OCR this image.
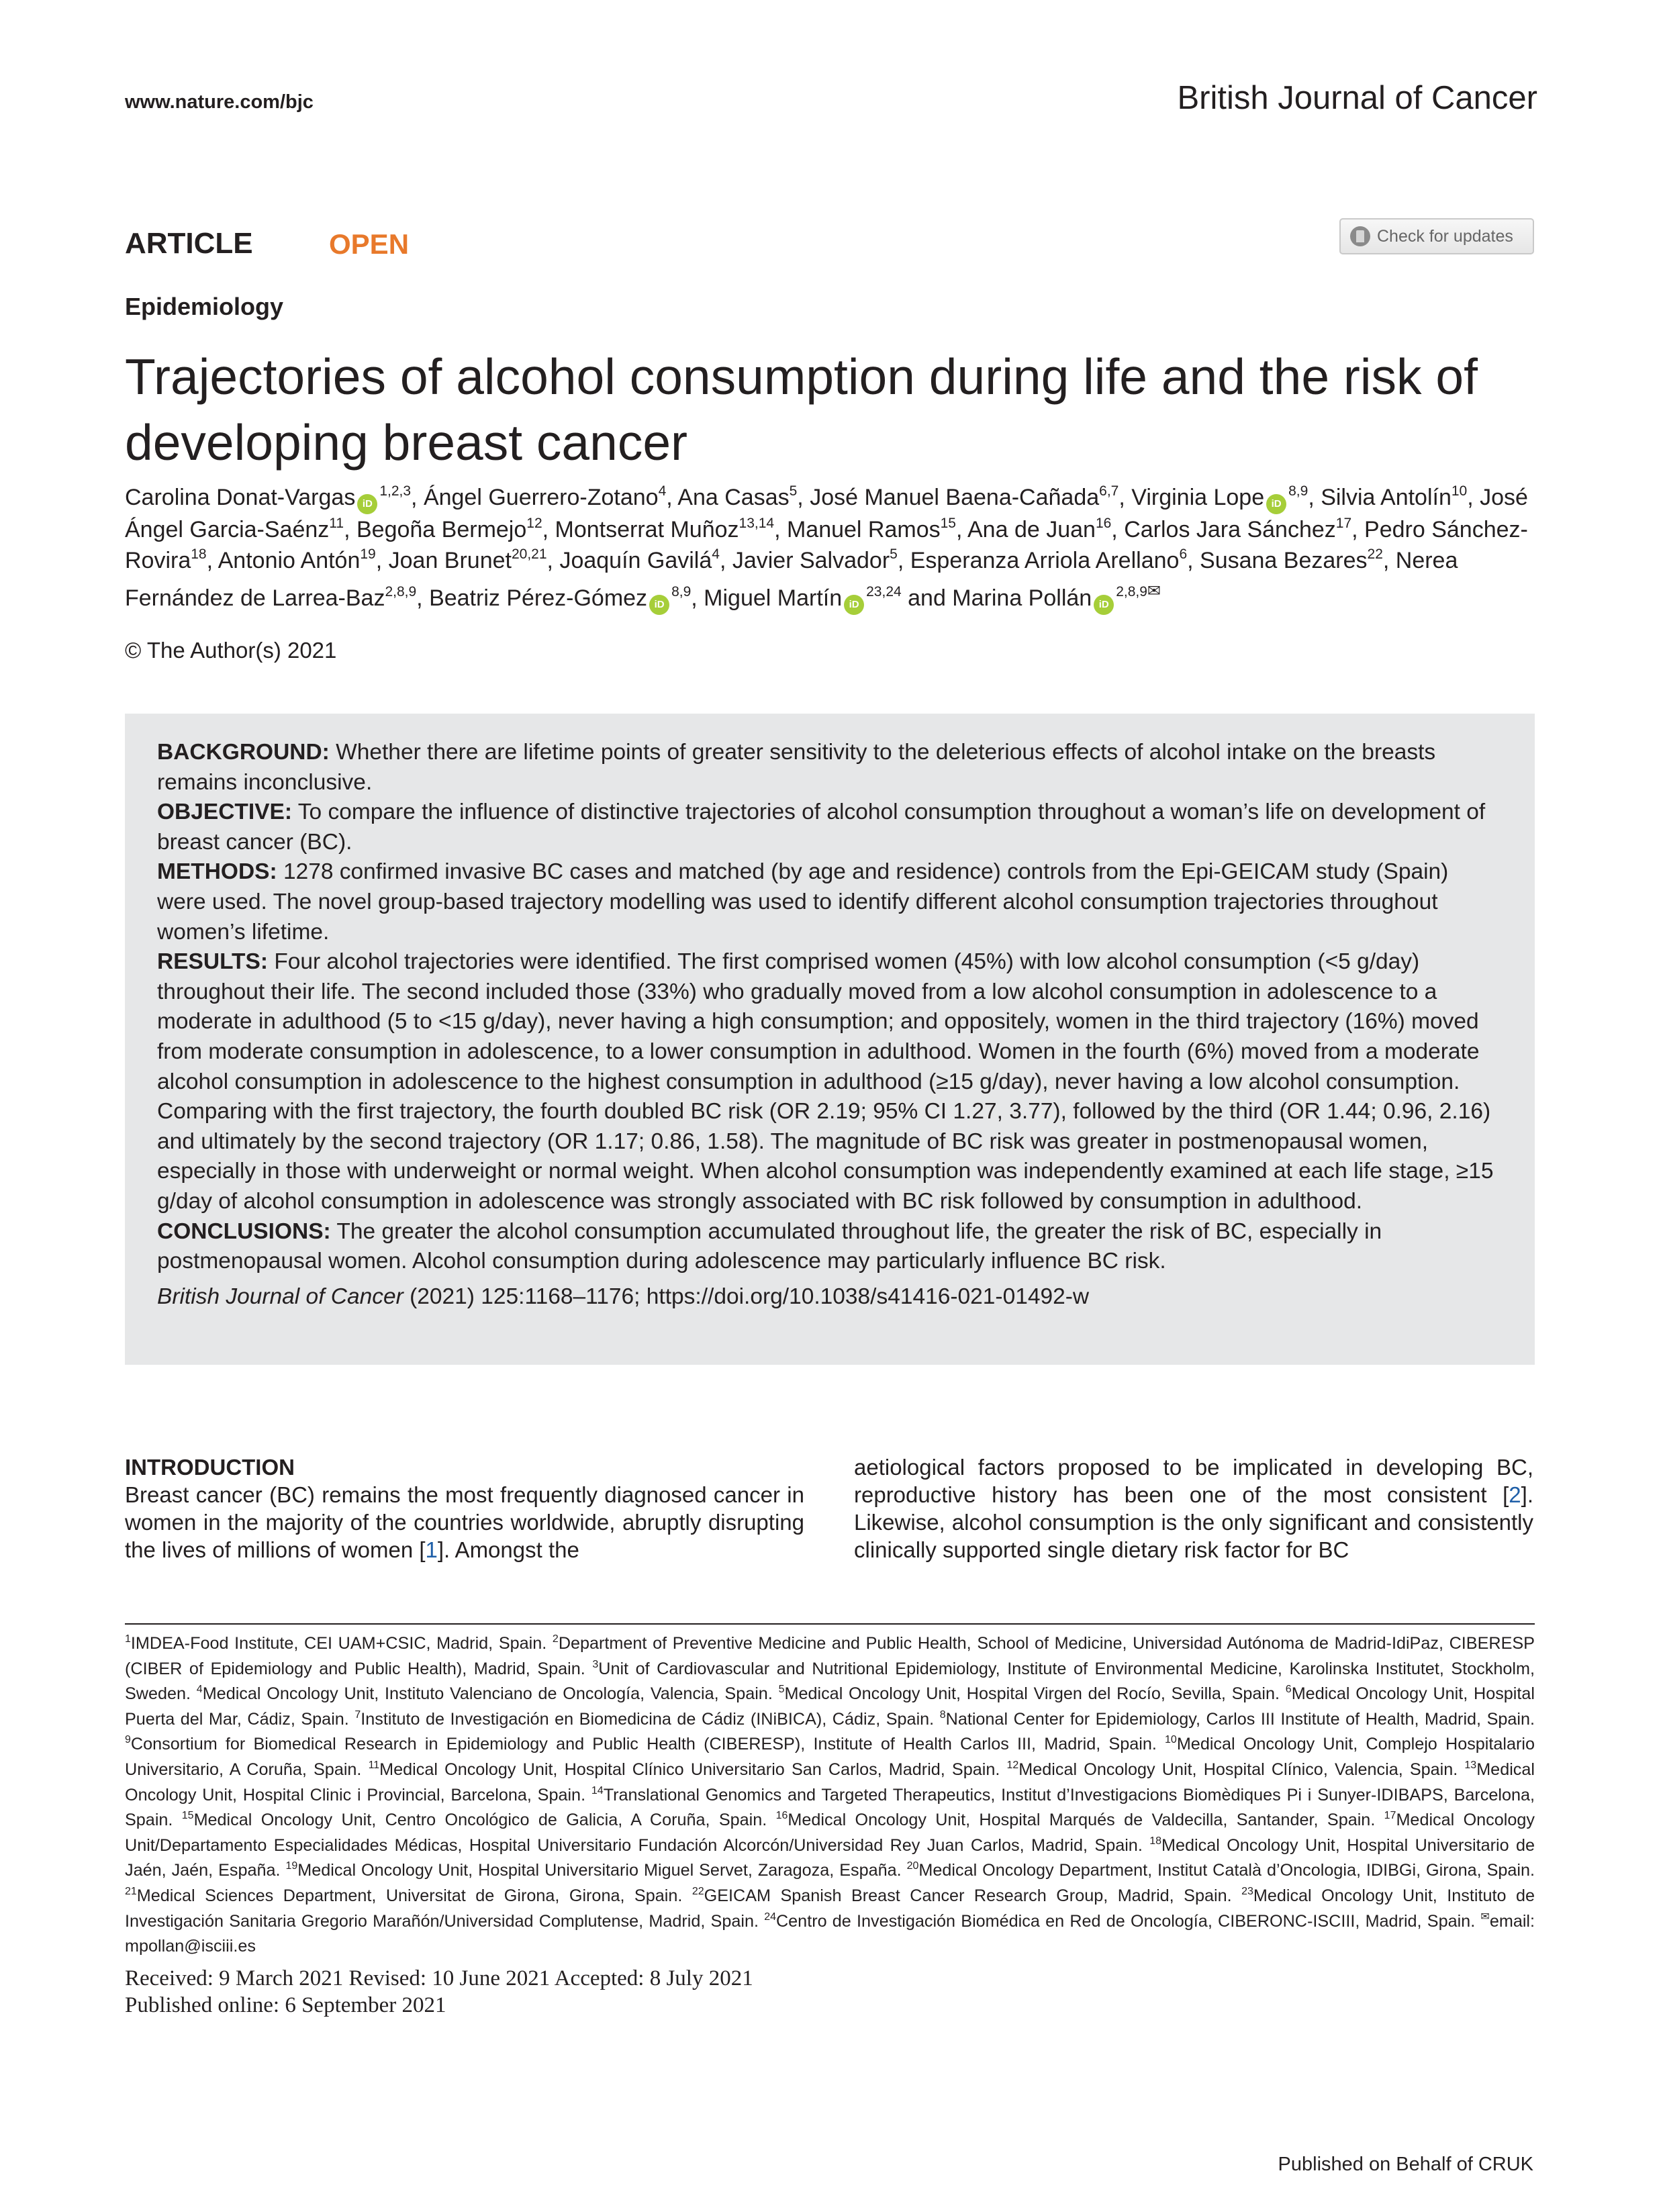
www.nature.com/bjc	British Journal of Cancer
ARTICLE	OPEN	Check for updates
Epidemiology
Trajectories of alcohol consumption during life and the risk of developing breast cancer
Carolina Donat-Vargas iD$^{1,2,3}$, Ángel Guerrero-Zotano$^4$, Ana Casas$^5$, José Manuel Baena-Cañada$^{6,7}$, Virginia Lope iD$^{8,9}$, Silvia Antolín$^{10}$, José Ángel Garcia-Saénz$^{11}$, Begoña Bermejo$^{12}$, Montserrat Muñoz$^{13,14}$, Manuel Ramos$^{15}$, Ana de Juan$^{16}$, Carlos Jara Sánchez$^{17}$, Pedro Sánchez-Rovira$^{18}$, Antonio Antón$^{19}$, Joan Brunet$^{20,21}$, Joaquín Gavilá$^4$, Javier Salvador$^5$, Esperanza Arriola Arellano$^6$, Susana Bezares$^{22}$, Nerea Fernández de Larrea-Baz$^{2,8,9}$, Beatriz Pérez-Gómez iD$^{8,9}$, Miguel Martín iD$^{23,24}$ and Marina Pollán $iD^{2,8,9✉}$
© The Author(s) 2021

BACKGROUND: Whether there are lifetime points of greater sensitivity to the deleterious effects of alcohol intake on the breasts remains inconclusive.

OBJECTIVE: To compare the influence of distinctive trajectories of alcohol consumption throughout a woman’s life on development of breast cancer (BC).

METHODS: 1278 confirmed invasive BC cases and matched (by age and residence) controls from the Epi-GEICAM study (Spain) were used. The novel group-based trajectory modelling was used to identify different alcohol consumption trajectories throughout women’s lifetime.

RESULTS: Four alcohol trajectories were identified. The first comprised women (45%) with low alcohol consumption (<5 g/day) throughout their life. The second included those (33%) who gradually moved from a low alcohol consumption in adolescence to a moderate in adulthood (5 to <15 g/day), never having a high consumption; and oppositely, women in the third trajectory (16%) moved from moderate consumption in adolescence, to a lower consumption in adulthood. Women in the fourth (6%) moved from a moderate alcohol consumption in adolescence to the highest consumption in adulthood (≥15 g/day), never having a low alcohol consumption. Comparing with the first trajectory, the fourth doubled BC risk (OR 2.19; 95% CI 1.27, 3.77), followed by the third (OR 1.44; 0.96, 2.16) and ultimately by the second trajectory (OR 1.17; 0.86, 1.58). The magnitude of BC risk was greater in postmenopausal women, especially in those with underweight or normal weight. When alcohol consumption was independently examined at each life stage, ≥15 g/day of alcohol consumption in adolescence was strongly associated with BC risk followed by consumption in adulthood.

CONCLUSIONS: The greater the alcohol consumption accumulated throughout life, the greater the risk of BC, especially in postmenopausal women. Alcohol consumption during adolescence may particularly influence BC risk.

British Journal of Cancer (2021) 125:1168–1176; https://doi.org/10.1038/s41416-021-01492-w

INTRODUCTION
Breast cancer (BC) remains the most frequently diagnosed cancer in women in the majority of the countries worldwide, abruptly disrupting the lives of millions of women [1]. Amongst the
aetiological factors proposed to be implicated in developing BC, reproductive history has been one of the most consistent [2]. Likewise, alcohol consumption is the only significant and consistently clinically supported single dietary risk factor for BC
$^1$IMDEA-Food Institute, CEI UAM+CSIC, Madrid, Spain. $^2$Department of Preventive Medicine and Public Health, School of Medicine, Universidad Autónoma de Madrid-IdiPaz, CIBERESP (CIBER of Epidemiology and Public Health), Madrid, Spain. $^3$Unit of Cardiovascular and Nutritional Epidemiology, Institute of Environmental Medicine, Karolinska Institutet, Stockholm, Sweden. $^4$Medical Oncology Unit, Instituto Valenciano de Oncología, Valencia, Spain. $^5$Medical Oncology Unit, Hospital Virgen del Rocío, Sevilla, Spain. $^6$Medical Oncology Unit, Hospital Puerta del Mar, Cádiz, Spain. $^7$Instituto de Investigación en Biomedicina de Cádiz (INiBICA), Cádiz, Spain. $^8$National Center for Epidemiology, Carlos III Institute of Health, Madrid, Spain. $^9$Consortium for Biomedical Research in Epidemiology and Public Health (CIBERESP), Institute of Health Carlos III, Madrid, Spain. $^{10}$Medical Oncology Unit, Complejo Hospitalario Universitario, A Coruña, Spain. $^{11}$Medical Oncology Unit, Hospital Clínico Universitario San Carlos, Madrid, Spain. $^{12}$Medical Oncology Unit, Hospital Clínico, Valencia, Spain. $^{13}$Medical Oncology Unit, Hospital Clinic i Provincial, Barcelona, Spain. $^{14}$Translational Genomics and Targeted Therapeutics, Institut d’Investigacions Biomèdiques Pi i Sunyer-IDIBAPS, Barcelona, Spain. $^{15}$Medical Oncology Unit, Centro Oncológico de Galicia, A Coruña, Spain. $^{16}$Medical Oncology Unit, Hospital Marqués de Valdecilla, Santander, Spain. $^{17}$Medical Oncology Unit/Departamento Especialidades Médicas, Hospital Universitario Fundación Alcorcón/Universidad Rey Juan Carlos, Madrid, Spain. $^{18}$Medical Oncology Unit, Hospital Universitario de Jaén, Jaén, España. $^{19}$Medical Oncology Unit, Hospital Universitario Miguel Servet, Zaragoza, España. $^{20}$Medical Oncology Department, Institut Català d’Oncologia, IDIBGi, Girona, Spain. $^{21}$Medical Sciences Department, Universitat de Girona, Girona, Spain. $^{22}$GEICAM Spanish Breast Cancer Research Group, Madrid, Spain. $^{23}$Medical Oncology Unit, Instituto de Investigación Sanitaria Gregorio Marañón/Universidad Complutense, Madrid, Spain. $^{24}$Centro de Investigación Biomédica en Red de Oncología, CIBERONC-ISCIII, Madrid, Spain. ✉email: mpollan@isciii.es
Received: 9 March 2021 Revised: 10 June 2021 Accepted: 8 July 2021
Published online: 6 September 2021
Published on Behalf of CRUK
